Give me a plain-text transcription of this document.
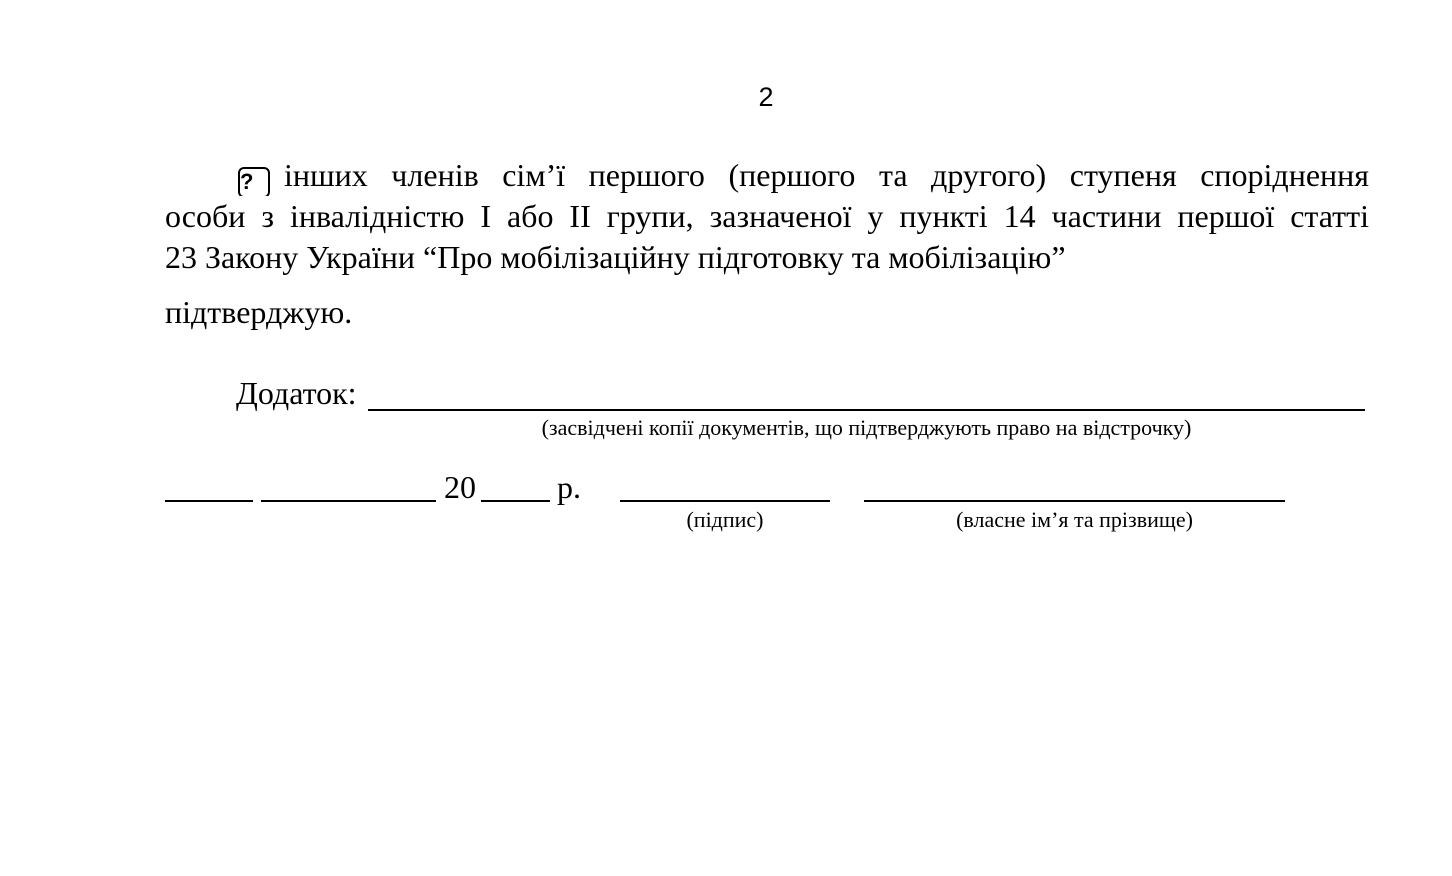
2
? інших членів сім’ї першого (першого та другого) ступеня споріднення
особи з інвалідністю I або II групи, зазначеної у пункті 14 частини першої статті
23 Закону України “Про мобілізаційну підготовку та мобілізацію”
підтверджую.
Додаток:
(засвідчені копії документів, що підтверджують право на відстрочку)
20	р.
(підпис)	(власне ім’я та прізвище)
